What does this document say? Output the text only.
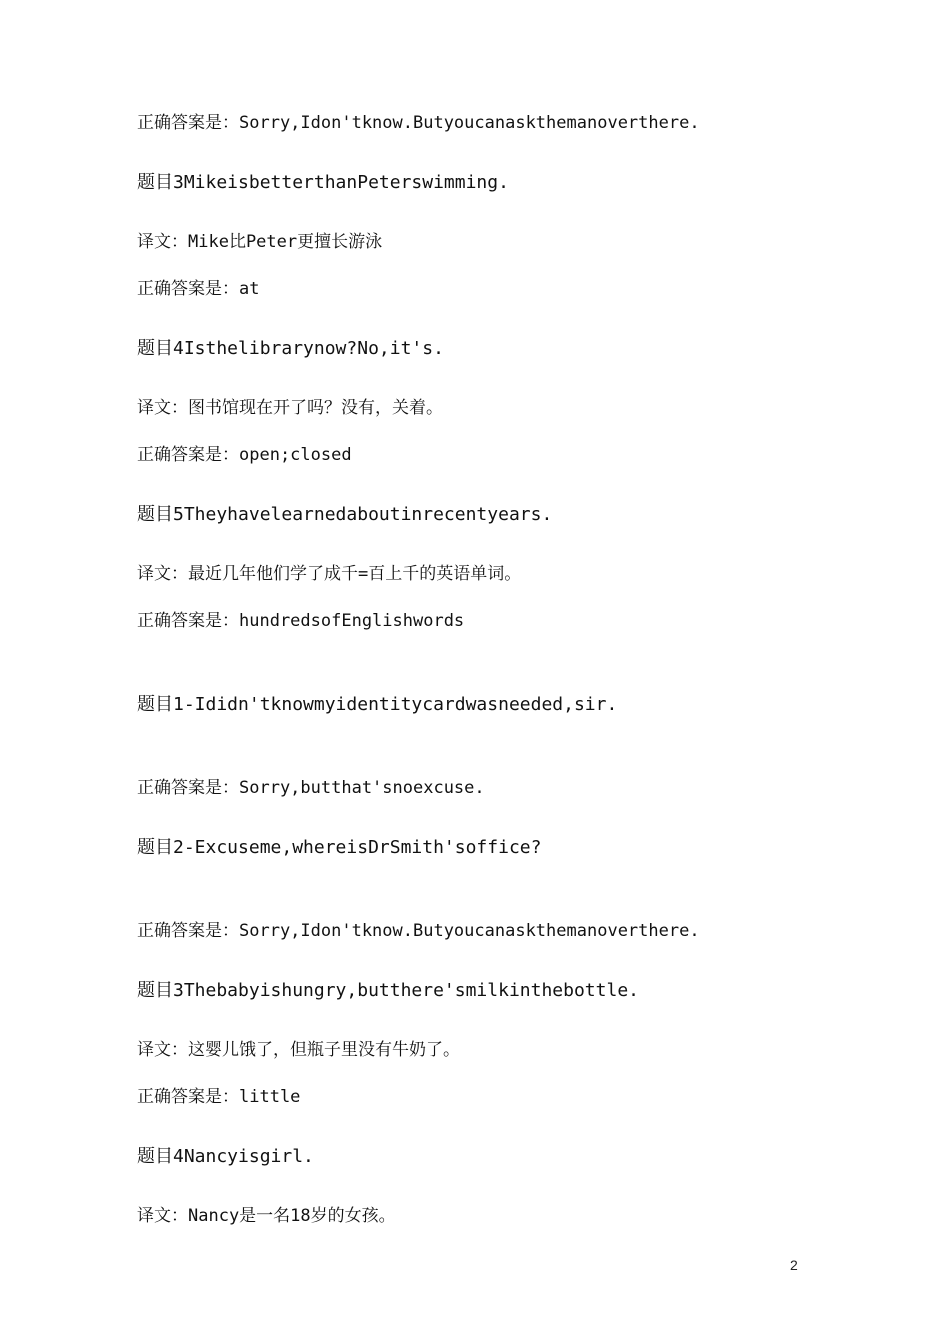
正确答案是：Sorry,Idon'tknow.Butyoucanaskthemanoverthere.
题目3MikeisbetterthanPeterswimming.
译文：Mike比Peter更擅长游泳
正确答案是：at
题目4Isthelibrarynow?No,it's.
译文：图书馆现在开了吗？没有，关着。
正确答案是：open;closed
题目5Theyhavelearnedaboutinrecentyears.
译文：最近几年他们学了成千=百上千的英语单词。
正确答案是：hundredsofEnglishwords
题目1-Ididn'tknowmyidentitycardwasneeded,sir.
正确答案是：Sorry,butthat'snoexcuse.
题目2-Excuseme,whereisDrSmith'soffice?
正确答案是：Sorry,Idon'tknow.Butyoucanaskthemanoverthere.
题目3Thebabyishungry,butthere'smilkinthebottle.
译文：这婴儿饿了，但瓶子里没有牛奶了。
正确答案是：little
题目4Nancyisgirl.
译文：Nancy是一名18岁的女孩。
2
